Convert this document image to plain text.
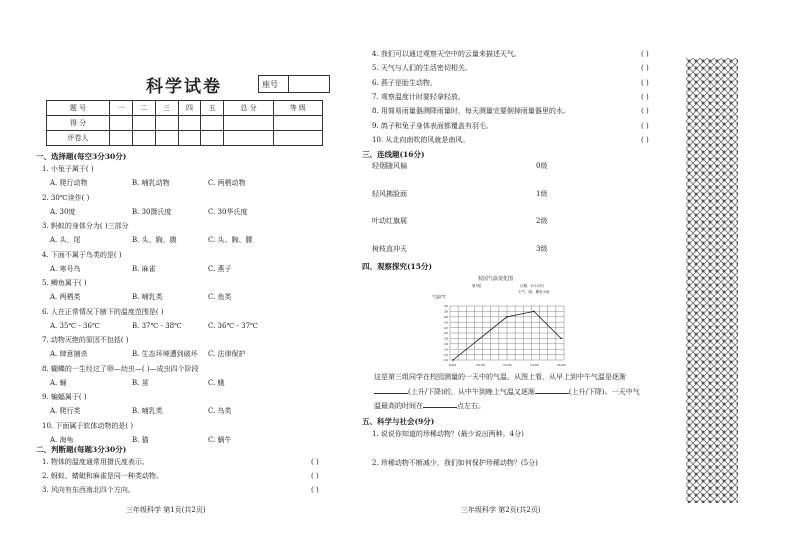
科学试卷	座号
题 号	一	二	三	四	五	总 分	等 级
得 分							
评卷人							
一、选择题(每空3分30分)
1. 小兔子属于( )
A. 爬行动物	B. 哺乳动物	C. 两栖动物
2. 30℃读作( )
A. 30度	B. 30摄氏度	C. 30华氏度
3. 蚂蚁的身体分为( )三部分
A. 头、尾	B. 头、胸、腹	C. 头、胸、腰
4. 下面不属于鸟类的是( )
A. 寒号鸟	B. 麻雀	C. 燕子
5. 鲫鱼属于( )
A. 两栖类	B. 哺乳类	C. 鱼类
6. 人在正常情况下腋下的温度范围是( )
A. 35℃ - 36℃	B. 37℃ - 38℃	C. 36℃ - 37℃
7. 动物灭绝的原因不包括( )
A. 肆意捕杀	B. 生态环境遭到破坏 C. 法律保护
8. 蝴蝶的一生经过了卵—幼虫—( )—成虫四个阶段
A. 蛹	B. 茧	C. 蛾
9. 蝙蝠属于( )
A. 爬行类	B. 哺乳类	C. 鸟类
10. 下面属于软体动物的是( )
A. 海龟	B. 猫	C. 蜗牛
二、判断题(每题3分30分)
1. 物体的温度通常用摄氏度表示。	( )
2. 蚜蚁、蜻蜓和麻雀是同一种类动物。	( )
3. 风向有东西南北四个方向。	( )
4. 我们可以通过观察天空中的云量来描述天气。	( )
5. 天气与人们的生活密切相关。	( )
6. 燕子是胎生动物。	( )
7. 观察温度计时要轻拿轻放。	( )
8. 用简易雨量器测降雨量时，每天测量完要倒掉雨量器里的水。	( )
9. 鸽子和兔子身体表面都覆盖有羽毛。	( )
10. 从北向南吹的风就是南风。	( )
三、连线题(16分)
轻烟随风偏	0级
轻风拂脸面	1级
叶动红旗展	2级
树枝直冲天	3级
四、观察探究(15分)
校园气温变化图
第3组	日期：5月15日
天气：晴，偶有小雨
气温/℃
10
12
14
16
18
20
22
24
26
28
30
8:00	10:00	12:00	14:00	16:00
这是第三组同学在校园测量的一天中的气温。从图上看，从早上到中午气温是逐渐
(上升/下降)的，从中午到晚上气温又逐渐	(上升/下降)。一天中气
温最高的时间在	点左右。
五、科学与社会(9分)
1. 说说你知道的珍稀动物？(最少说出两种。4分)
2. 珍稀动物不断减少，我们如何保护珍稀动物？(5分)
三年级科学 第1页(共2页)	三年级科学 第2页(共2页)
